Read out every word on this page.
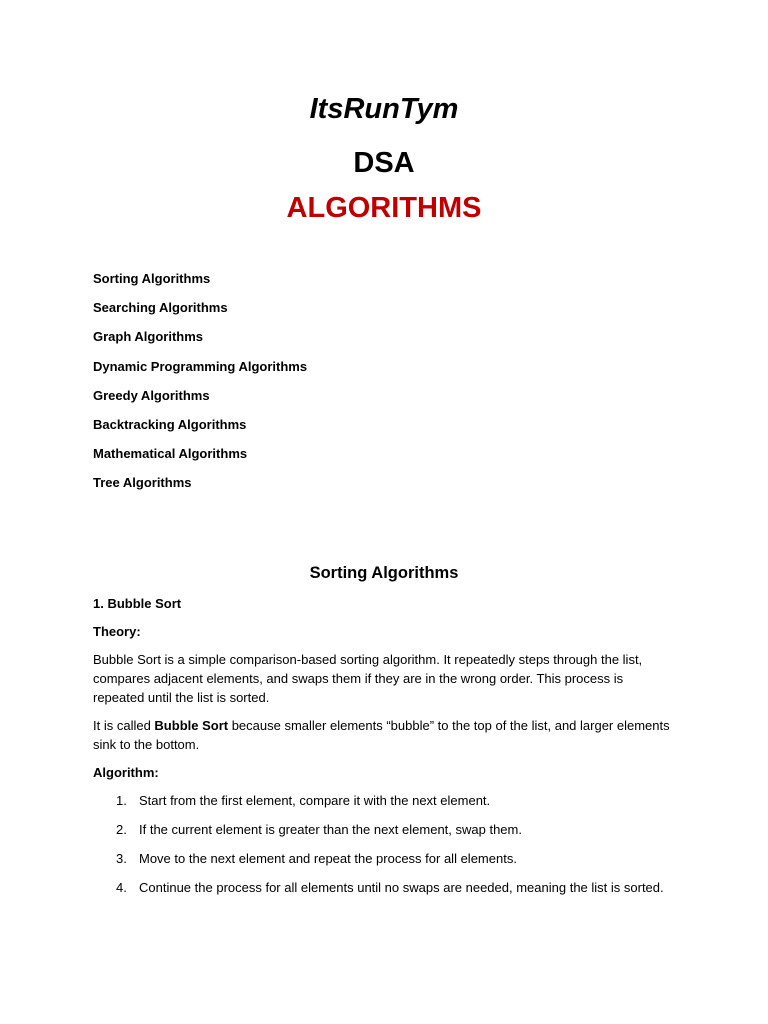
ItsRunTym
DSA
ALGORITHMS
Sorting Algorithms
Searching Algorithms
Graph Algorithms
Dynamic Programming Algorithms
Greedy Algorithms
Backtracking Algorithms
Mathematical Algorithms
Tree Algorithms
Sorting Algorithms

1. Bubble Sort

Theory:

Bubble Sort is a simple comparison-based sorting algorithm. It repeatedly steps through the list, compares adjacent elements, and swaps them if they are in the wrong order. This process is repeated until the list is sorted.

It is called Bubble Sort because smaller elements “bubble” to the top of the list, and larger elements sink to the bottom.

Algorithm:

1. Start from the first element, compare it with the next element.
2. If the current element is greater than the next element, swap them.
3. Move to the next element and repeat the process for all elements.
4. Continue the process for all elements until no swaps are needed, meaning the list is sorted.
